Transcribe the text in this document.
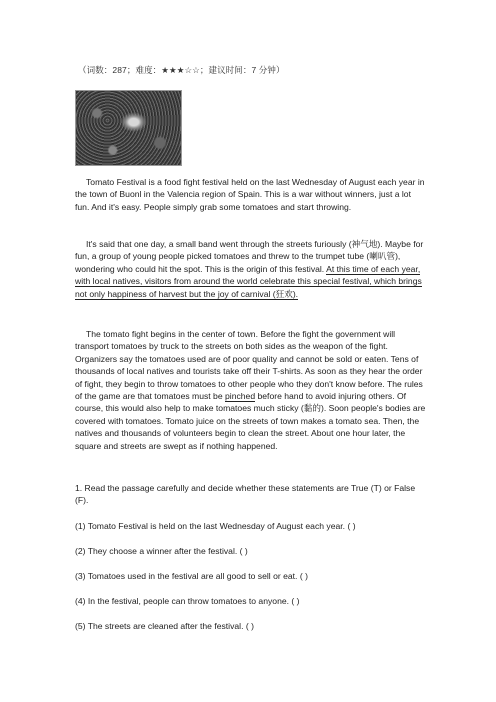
（词数：287；难度：★★★☆☆；建议时间：7 分钟）

Tomato Festival is a food fight festival held on the last Wednesday of August each year in the town of Buonl in the Valencia region of Spain. This is a war without winners, just a lot fun. And it's easy. People simply grab some tomatoes and start throwing.

It's said that one day, a small band went through the streets furiously (神气地). Maybe for fun, a group of young people picked tomatoes and threw to the trumpet tube (喇叭管), wondering who could hit the spot. This is the origin of this festival. At this time of each year, with local natives, visitors from around the world celebrate this special festival, which brings not only happiness of harvest but the joy of carnival (狂欢).

The tomato fight begins in the center of town. Before the fight the government will transport tomatoes by truck to the streets on both sides as the weapon of the fight. Organizers say the tomatoes used are of poor quality and cannot be sold or eaten. Tens of thousands of local natives and tourists take off their T-shirts. As soon as they hear the order of fight, they begin to throw tomatoes to other people who they don't know before. The rules of the game are that tomatoes must be pinched before hand to avoid injuring others. Of course, this would also help to make tomatoes much sticky (黏的). Soon people's bodies are covered with tomatoes. Tomato juice on the streets of town makes a tomato sea. Then, the natives and thousands of volunteers begin to clean the street. About one hour later, the square and streets are swept as if nothing happened.

1. Read the passage carefully and decide whether these statements are True (T) or False (F).

(1) Tomato Festival is held on the last Wednesday of August each year. ( )

(2) They choose a winner after the festival. ( )

(3) Tomatoes used in the festival are all good to sell or eat. ( )

(4) In the festival, people can throw tomatoes to anyone. ( )

(5) The streets are cleaned after the festival. ( )
